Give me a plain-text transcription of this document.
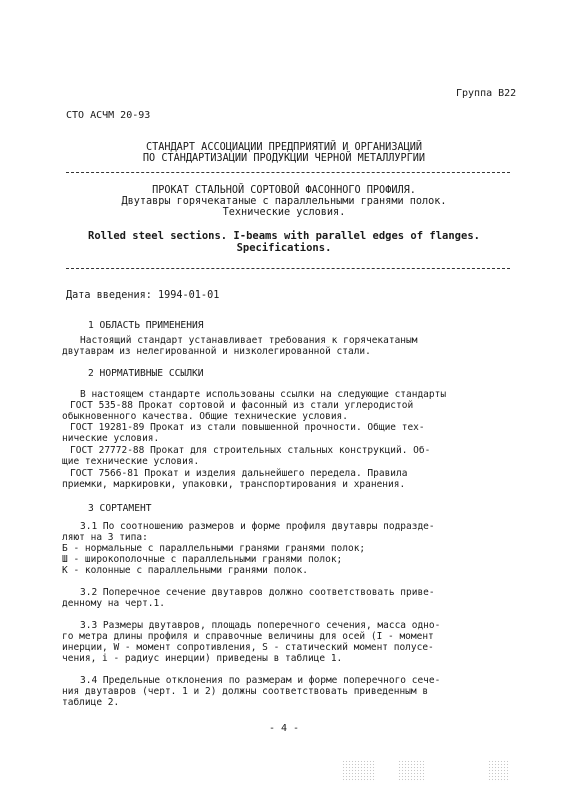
Группа В22
СТО АСЧМ 20-93
СТАНДАРТ АССОЦИАЦИИ ПРЕДПРИЯТИЙ И ОРГАНИЗАЦИЙ
ПО СТАНДАРТИЗАЦИИ ПРОДУКЦИИ ЧЕРНОЙ МЕТАЛЛУРГИИ
ПРОКАТ СТАЛЬНОЙ СОРТОВОЙ ФАСОННОГО ПРОФИЛЯ.
Двутавры горячекатаные с параллельными гранями полок.
Технические условия.
Rolled steel sections. I-beams with parallel edges of flanges.
Specifications.
Дата введения: 1994-01-01
1 ОБЛАСТЬ ПРИМЕНЕНИЯ
Настоящий стандарт устанавливает требования к горячекатаным
двутаврам из нелегированной и низколегированной стали.
2 НОРМАТИВНЫЕ ССЫЛКИ
В настоящем стандарте использованы ссылки на следующие стандарты
ГОСТ 535-88 Прокат сортовой и фасонный из стали углеродистой
обыкновенного качества. Общие технические условия.
ГОСТ 19281-89 Прокат из стали повышенной прочности. Общие тех-
нические условия.
ГОСТ 27772-88 Прокат для строительных стальных конструкций. Об-
щие технические условия.
ГОСТ 7566-81 Прокат и изделия дальнейшего передела. Правила
приемки, маркировки, упаковки, транспортирования и хранения.
3 СОРТАМЕНТ
3.1 По соотношению размеров и форме профиля двутавры подразде-
ляют на 3 типа:
Б - нормальные с параллельными гранями гранями полок;
Ш - широкополочные с параллельными гранями полок;
К - колонные с параллельными гранями полок.
3.2 Поперечное сечение двутавров должно соответствовать приве-
денному на черт.1.
3.3 Размеры двутавров, площадь поперечного сечения, масса одно-
го метра длины профиля и справочные величины для осей (I - момент
инерции, W - момент сопротивления, S - статический момент полусе-
чения, i - радиус инерции) приведены в таблице 1.
3.4 Предельные отклонения по размерам и форме поперечного сече-
ния двутавров (черт. 1 и 2) должны соответствовать приведенным в
таблице 2.
- 4 -
